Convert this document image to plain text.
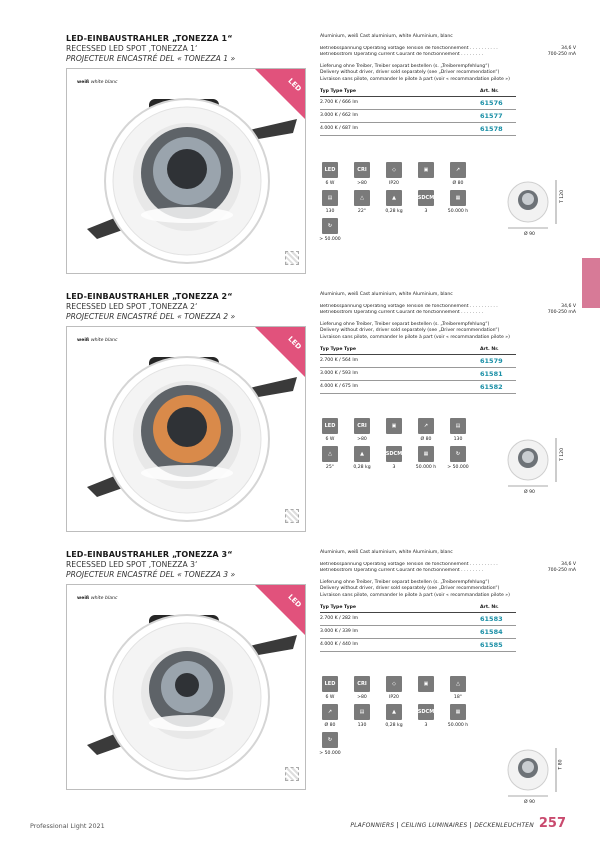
LED-EINBAUSTRAHLER „TONEZZA 1“
RECESSED LED SPOT ‚TONEZZA 1‘
PROJECTEUR ENCASTRÉ DEL « TONEZZA 1 »
weiß white blanc	LED
Aluminium, weiß Cast aluminium, white Aluminium, blanc
Betriebsspannung Operating voltage Tension de fonctionnement . . . . . . . . . .	34,6 V
Betriebsstrom Operating current Courant de fonctionnement . . . . . . . .	700-250 mA
Lieferung ohne Treiber, Treiber separat bestellen (s. „Treiberempfehlung“)
Delivery without driver, driver sold separately (see „Driver recommendation“)
Livraison sans pilote, commander le pilote à part (voir « recommandation pilote »)
Typ Type Type	Art. Nr.
2.700 K / 666 lm	61576
3.000 K / 662 lm	61577
4.000 K / 687 lm	61578
LED
6 W
CRI
>80
◇
IP20
▣	↗
Ø 80
▤
130
△
22°
▲
0,28 kg
SDCM
3
▦
50.000 h
↻
> 50.000
T 120
Ø 90
LED-EINBAUSTRAHLER „TONEZZA 2“
RECESSED LED SPOT ‚TONEZZA 2‘
PROJECTEUR ENCASTRÉ DEL « TONEZZA 2 »
weiß white blanc	LED
Aluminium, weiß Cast aluminium, white Aluminium, blanc
Betriebsspannung Operating voltage Tension de fonctionnement . . . . . . . . . .	34,6 V
Betriebsstrom Operating current Courant de fonctionnement . . . . . . . .	700-250 mA
Lieferung ohne Treiber, Treiber separat bestellen (s. „Treiberempfehlung“)
Delivery without driver, driver sold separately (see „Driver recommendation“)
Livraison sans pilote, commander le pilote à part (voir « recommandation pilote »)
Typ Type Type	Art. Nr.
2.700 K / 564 lm	61579
3.000 K / 593 lm	61581
4.000 K / 675 lm	61582
LED
6 W
CRI
>80
▣	↗
Ø 80
▤
130
△
25°
▲
0,28 kg
SDCM
3
▦
50.000 h
↻
> 50.000
T 120
Ø 90
LED-EINBAUSTRAHLER „TONEZZA 3“
RECESSED LED SPOT ‚TONEZZA 3‘
PROJECTEUR ENCASTRÉ DEL « TONEZZA 3 »
weiß white blanc	LED
Aluminium, weiß Cast aluminium, white Aluminium, blanc
Betriebsspannung Operating voltage Tension de fonctionnement . . . . . . . . . .	34,6 V
Betriebsstrom Operating current Courant de fonctionnement . . . . . . . .	700-250 mA
Lieferung ohne Treiber, Treiber separat bestellen (s. „Treiberempfehlung“)
Delivery without driver, driver sold separately (see „Driver recommendation“)
Livraison sans pilote, commander le pilote à part (voir « recommandation pilote »)
Typ Type Type	Art. Nr.
2.700 K / 282 lm	61583
3.000 K / 339 lm	61584
4.000 K / 440 lm	61585
LED
6 W
CRI
>80
◇
IP20
▣	△
18°
↗
Ø 80
▤
130
▲
0,28 kg
SDCM
3
▦
50.000 h
↻
> 50.000
T 80
Ø 90
Professional Light 2021	PLAFONNIERS | CEILING LUMINAIRES | DECKENLEUCHTEN 257
